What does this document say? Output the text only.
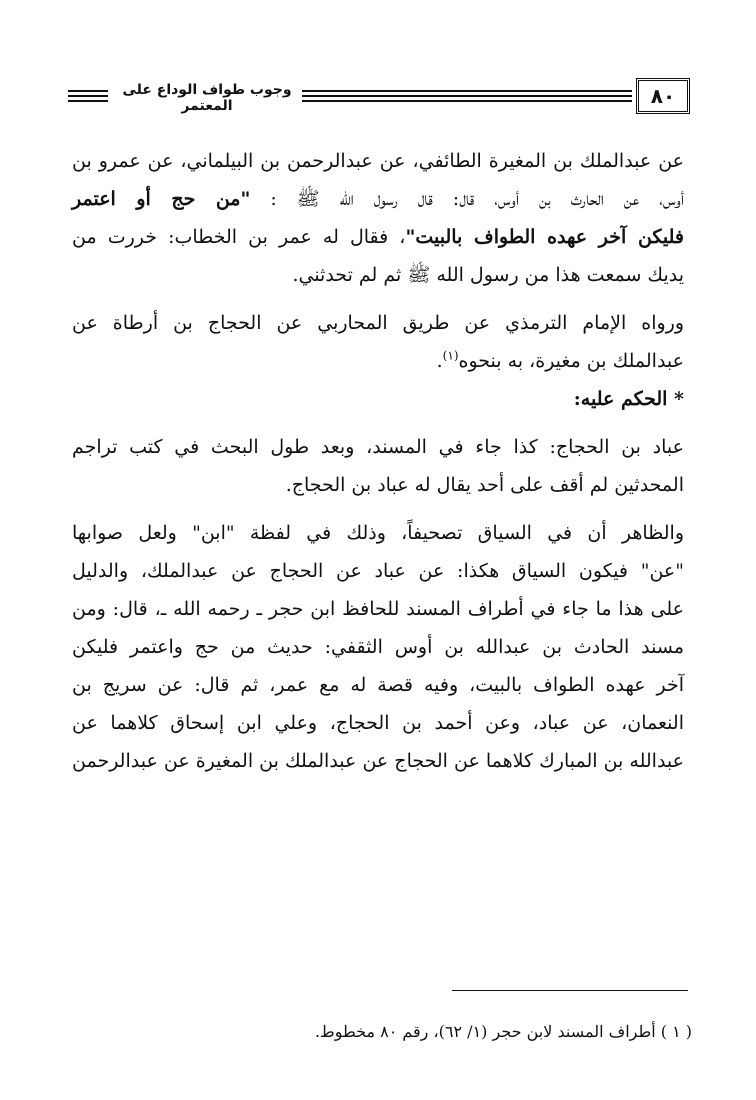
وجوب طواف الوداع على المعتمر	٨٠
عن عبدالملك بن المغيرة الطائفي، عن عبدالرحمن بن البيلماني، عن عمرو بن
أوس، عن الحارث بن أوس، قال: قال رسول الله ﷺ : "من حج أو اعتمر
فليكن آخر عهده الطواف بالبيت"، فقال له عمر بن الخطاب: خررت من
يديك سمعت هذا من رسول الله ﷺ ثم لم تحدثني.
ورواه الإمام الترمذي عن طريق المحاربي عن الحجاج بن أرطاة عن
عبدالملك بن مغيرة، به بنحوه$^{(١)}$.
* الحكم عليه:
عباد بن الحجاج: كذا جاء في المسند، وبعد طول البحث في كتب تراجم
المحدثين لم أقف على أحد يقال له عباد بن الحجاج.
والظاهر أن في السياق تصحيفاً، وذلك في لفظة "ابن" ولعل صوابها
"عن" فيكون السياق هكذا: عن عباد عن الحجاج عن عبدالملك، والدليل
على هذا ما جاء في أطراف المسند للحافظ ابن حجر ـ رحمه الله ـ، قال: ومن
مسند الحادث بن عبدالله بن أوس الثقفي: حديث من حج واعتمر فليكن
آخر عهده الطواف بالبيت، وفيه قصة له مع عمر، ثم قال: عن سريج بن
النعمان، عن عباد، وعن أحمد بن الحجاج، وعلي ابن إسحاق كلاهما عن
عبدالله بن المبارك كلاهما عن الحجاج عن عبدالملك بن المغيرة عن عبدالرحمن
( ١ ) أطراف المسند لابن حجر (١/ ٦٢)، رقم ٨٠ مخطوط.
